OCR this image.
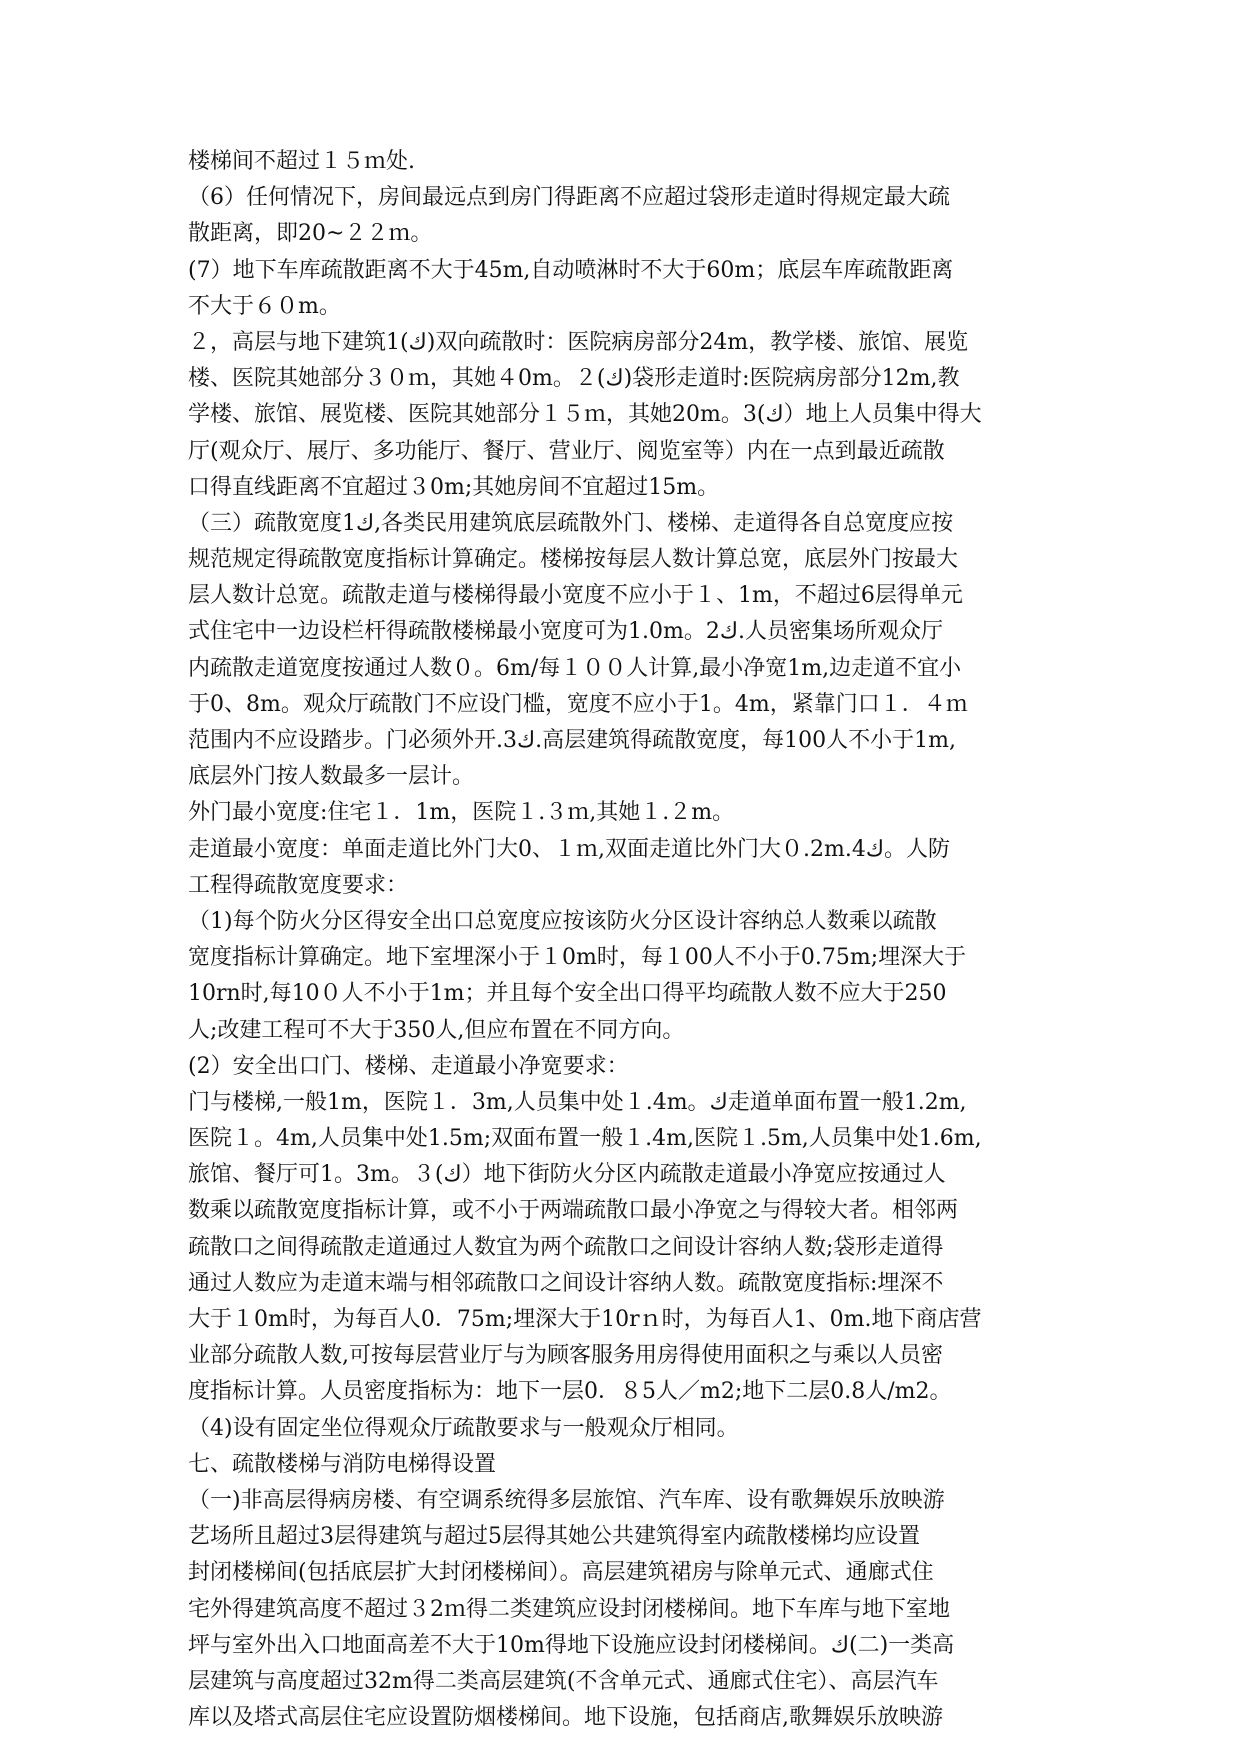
楼梯间不超过１５ｍ处.
（6）任何情况下，房间最远点到房门得距离不应超过袋形走道时得规定最大疏
散距离，即20~２２ｍ。
(7）地下车库疏散距离不大于45m,自动喷淋时不大于60m；底层车库疏散距离
不大于６０m。
２，高层与地下建筑1(ك)双向疏散时：医院病房部分24m，教学楼、旅馆、展览
楼、医院其她部分３０ｍ，其她４0m。２(ك)袋形走道时:医院病房部分12m,教
学楼、旅馆、展览楼、医院其她部分１５ｍ，其她20m。3(ك）地上人员集中得大
厅(观众厅、展厅、多功能厅、餐厅、营业厅、阅览室等）内在一点到最近疏散
口得直线距离不宜超过３0m;其她房间不宜超过15m。
（三）疏散宽度1ك,各类民用建筑底层疏散外门、楼梯、走道得各自总宽度应按
规范规定得疏散宽度指标计算确定。楼梯按每层人数计算总宽，底层外门按最大
层人数计总宽。疏散走道与楼梯得最小宽度不应小于１、1m，不超过6层得单元
式住宅中一边设栏杆得疏散楼梯最小宽度可为1.0m。2ك.人员密集场所观众厅
内疏散走道宽度按通过人数０。6m/每１００人计算,最小净宽1m,边走道不宜小
于0、8m。观众厅疏散门不应设门槛，宽度不应小于1。4m，紧靠门口１．４ｍ
范围内不应设踏步。门必须外开.3ك.高层建筑得疏散宽度，每100人不小于1m,
底层外门按人数最多一层计。
外门最小宽度:住宅１．1m，医院１.３ｍ,其她１.２m。
走道最小宽度：单面走道比外门大0、１ｍ,双面走道比外门大０.2m.4ك。人防
工程得疏散宽度要求：
（1)每个防火分区得安全出口总宽度应按该防火分区设计容纳总人数乘以疏散
宽度指标计算确定。地下室埋深小于１0m时，每１00人不小于0.75m;埋深大于
10rn时,每10０人不小于1m；并且每个安全出口得平均疏散人数不应大于250
人;改建工程可不大于350人,但应布置在不同方向。
(2）安全出口门、楼梯、走道最小净宽要求：
门与楼梯,一般1m，医院１．3m,人员集中处１.4m。ك走道单面布置一般1.2m,
医院１。4m,人员集中处1.5m;双面布置一般１.4m,医院１.5m,人员集中处1.6m,
旅馆、餐厅可1。3m。３(ك）地下街防火分区内疏散走道最小净宽应按通过人
数乘以疏散宽度指标计算，或不小于两端疏散口最小净宽之与得较大者。相邻两
疏散口之间得疏散走道通过人数宜为两个疏散口之间设计容纳人数;袋形走道得
通过人数应为走道末端与相邻疏散口之间设计容纳人数。疏散宽度指标:埋深不
大于１0m时，为每百人0．75m;埋深大于10rｎ时，为每百人1、0m.地下商店营
业部分疏散人数,可按每层营业厅与为顾客服务用房得使用面积之与乘以人员密
度指标计算。人员密度指标为：地下一层0．８5人／m2;地下二层0.8人/m2。
（4)设有固定坐位得观众厅疏散要求与一般观众厅相同。
七、疏散楼梯与消防电梯得设置
（一)非高层得病房楼、有空调系统得多层旅馆、汽车库、设有歌舞娱乐放映游
艺场所且超过3层得建筑与超过5层得其她公共建筑得室内疏散楼梯均应设置
封闭楼梯间(包括底层扩大封闭楼梯间）。高层建筑裙房与除单元式、通廊式住
宅外得建筑高度不超过３2ｍ得二类建筑应设封闭楼梯间。地下车库与地下室地
坪与室外出入口地面高差不大于10m得地下设施应设封闭楼梯间。ك(二)一类高
层建筑与高度超过32m得二类高层建筑(不含单元式、通廊式住宅）、高层汽车
库以及塔式高层住宅应设置防烟楼梯间。地下设施，包括商店,歌舞娱乐放映游
